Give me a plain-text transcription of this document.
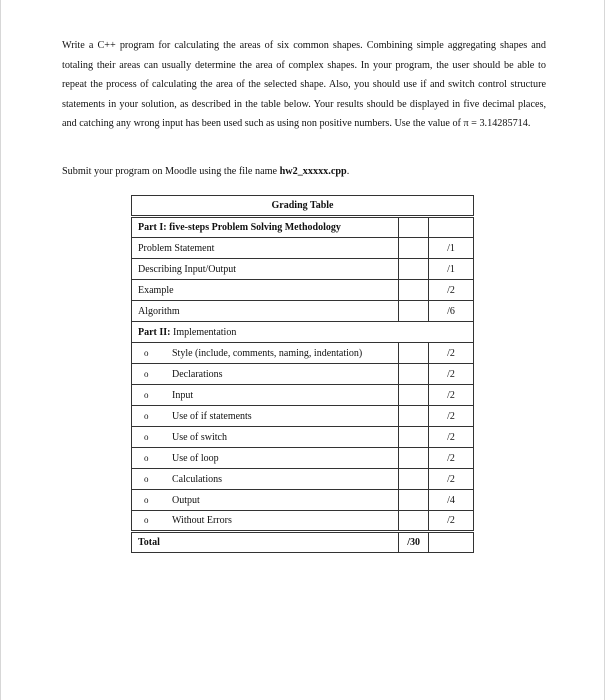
Write a C++ program for calculating the areas of six common shapes. Combining simple aggregating shapes and totaling their areas can usually determine the area of complex shapes. In your program, the user should be able to repeat the process of calculating the area of the selected shape. Also, you should use if and switch control structure statements in your solution, as described in the table below. Your results should be displayed in five decimal places, and catching any wrong input has been used such as using non positive numbers. Use the value of π = 3.14285714.

Submit your program on Moodle using the file name hw2_xxxxx.cpp.

Grading Table		
Part I: five-steps Problem Solving Methodology		
Problem Statement		/1
Describing Input/Output		/1
Example		/2
Algorithm		/6
Part II: Implementation		
o Style (include, comments, naming, indentation)		/2
o Declarations		/2
o Input		/2
o Use of if statements		/2
o Use of switch		/2
o Use of loop		/2
o Calculations		/2
o Output		/4
o Without Errors		/2
Total	/30	
